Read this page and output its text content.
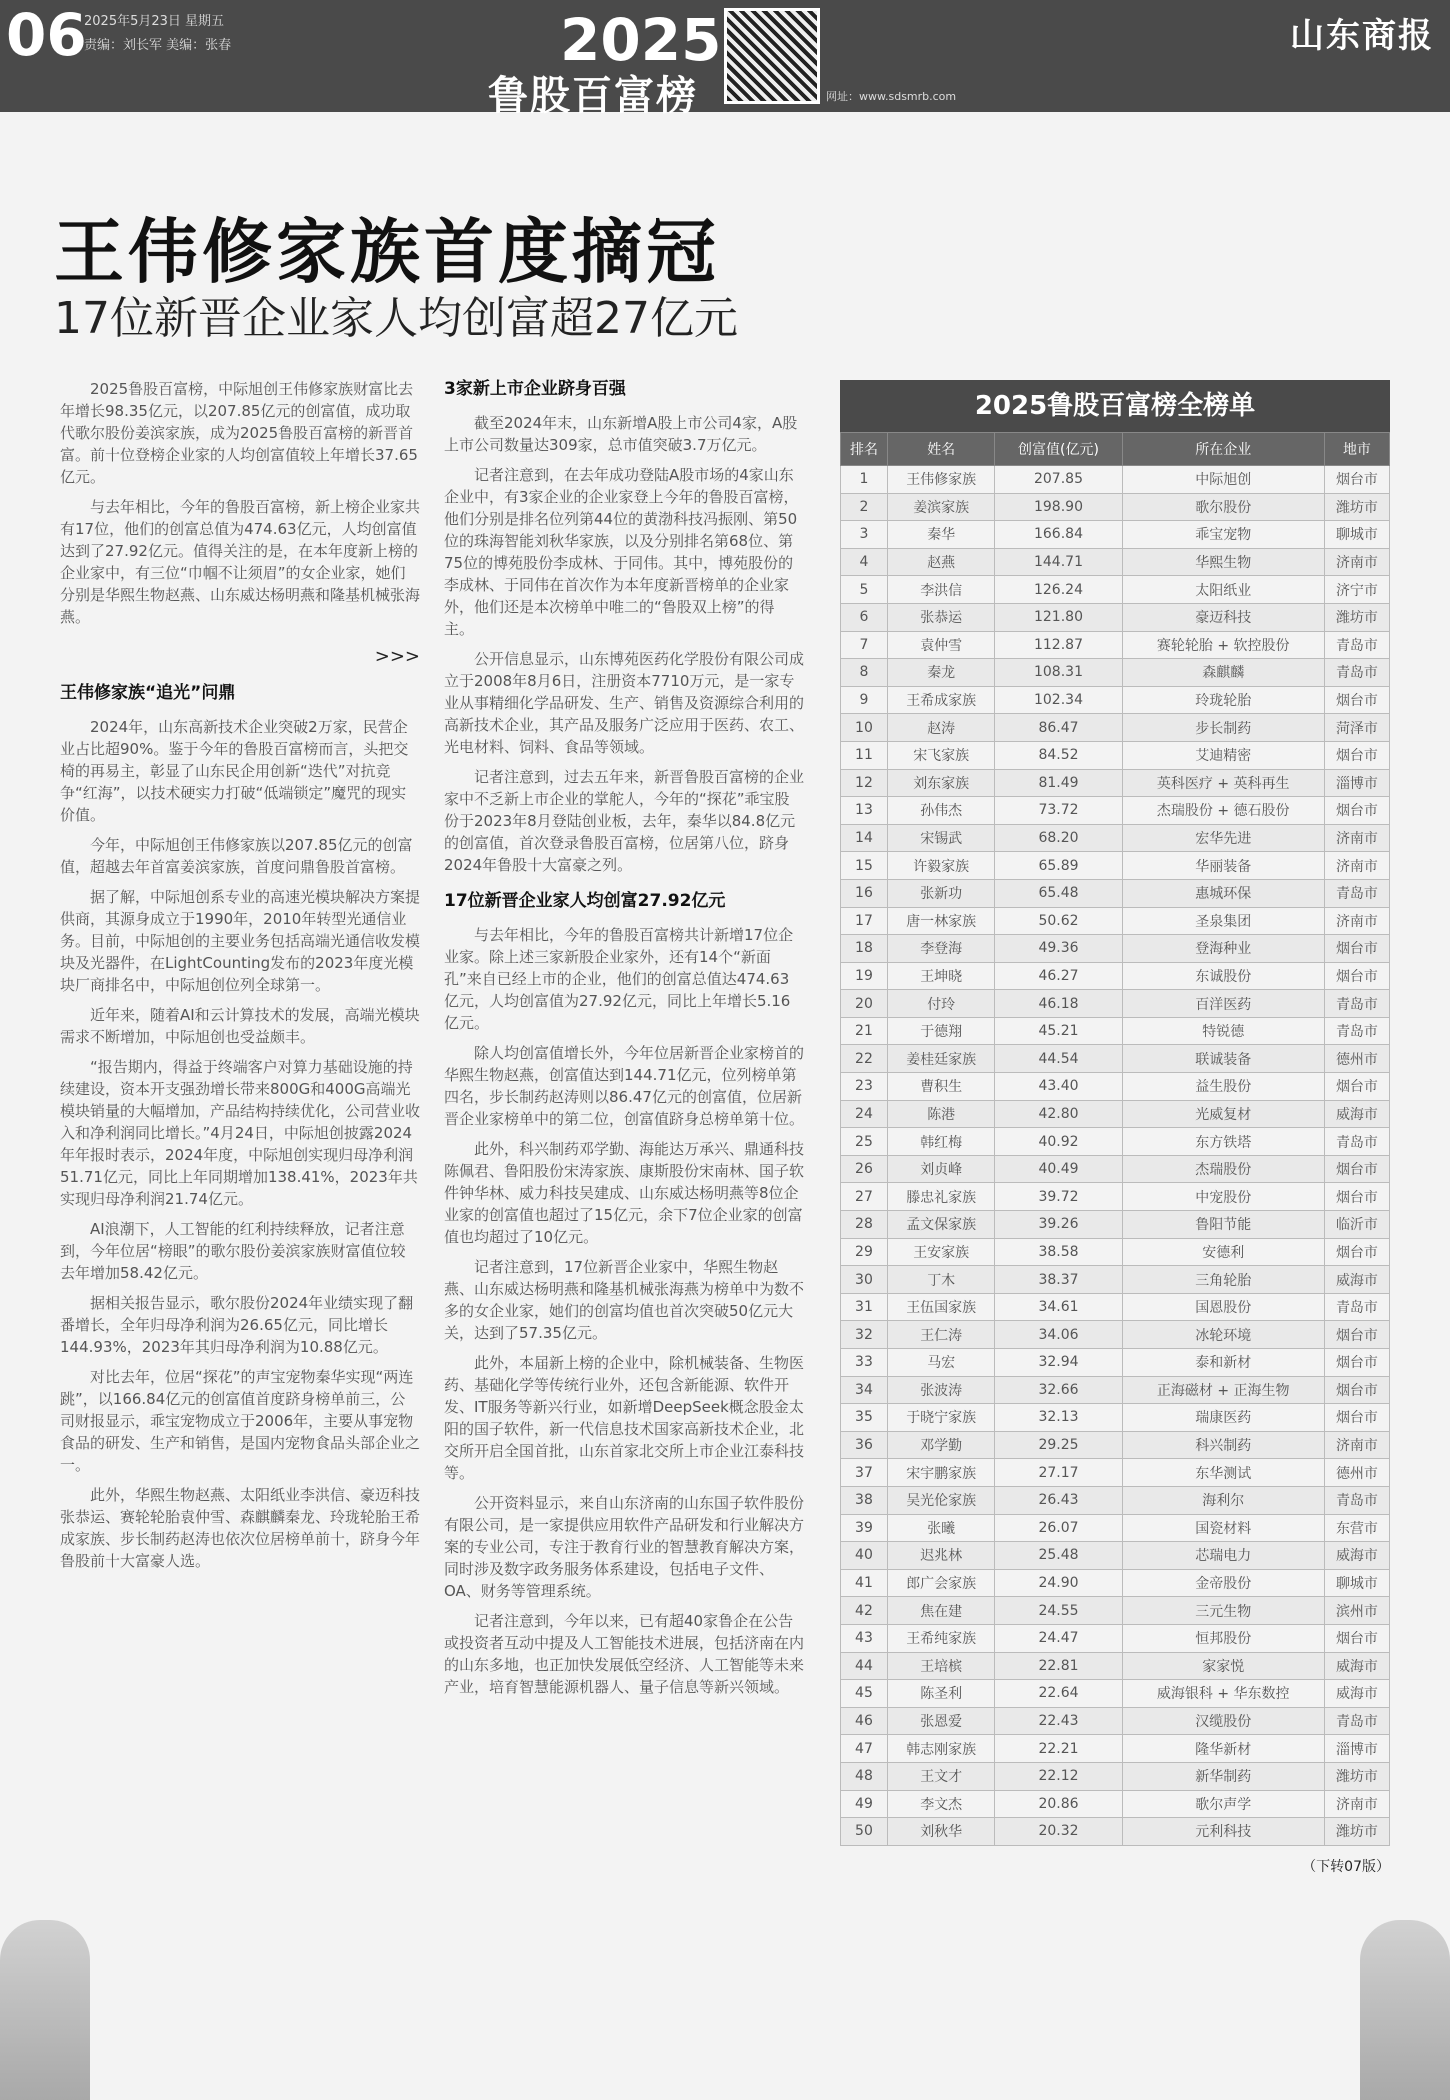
06
2025年5月23日 星期五
责编：刘长军 美编：张春	2025
鲁股百富榜	网址：www.sdsmrb.com
山东商报
王伟修家族首度摘冠
17位新晋企业家人均创富超27亿元

2025鲁股百富榜，中际旭创王伟修家族财富比去年增长98.35亿元，以207.85亿元的创富值，成功取代歌尔股份姜滨家族，成为2025鲁股百富榜的新晋首富。前十位登榜企业家的人均创富值较上年增长37.65亿元。

与去年相比，今年的鲁股百富榜，新上榜企业家共有17位，他们的创富总值为474.63亿元，人均创富值达到了27.92亿元。值得关注的是，在本年度新上榜的企业家中，有三位“巾帼不让须眉”的女企业家，她们分别是华熙生物赵燕、山东威达杨明燕和隆基机械张海燕。

>>>
王伟修家族“追光”问鼎

2024年，山东高新技术企业突破2万家，民营企业占比超90%。鉴于今年的鲁股百富榜而言，头把交椅的再易主，彰显了山东民企用创新“迭代”对抗竞争“红海”，以技术硬实力打破“低端锁定”魔咒的现实价值。

今年，中际旭创王伟修家族以207.85亿元的创富值，超越去年首富姜滨家族，首度问鼎鲁股首富榜。

据了解，中际旭创系专业的高速光模块解决方案提供商，其源身成立于1990年，2010年转型光通信业务。目前，中际旭创的主要业务包括高端光通信收发模块及光器件，在LightCounting发布的2023年度光模块厂商排名中，中际旭创位列全球第一。

近年来，随着AI和云计算技术的发展，高端光模块需求不断增加，中际旭创也受益颇丰。

“报告期内，得益于终端客户对算力基础设施的持续建设，资本开支强劲增长带来800G和400G高端光模块销量的大幅增加，产品结构持续优化，公司营业收入和净利润同比增长。”4月24日，中际旭创披露2024年年报时表示，2024年度，中际旭创实现归母净利润51.71亿元，同比上年同期增加138.41%，2023年共实现归母净利润21.74亿元。

AI浪潮下，人工智能的红利持续释放，记者注意到，今年位居“榜眼”的歌尔股份姜滨家族财富值位较去年增加58.42亿元。

据相关报告显示，歌尔股份2024年业绩实现了翻番增长，全年归母净利润为26.65亿元，同比增长144.93%，2023年其归母净利润为10.88亿元。

对比去年，位居“探花”的声宝宠物秦华实现“两连跳”，以166.84亿元的创富值首度跻身榜单前三，公司财报显示，乖宝宠物成立于2006年，主要从事宠物食品的研发、生产和销售，是国内宠物食品头部企业之一。

此外，华熙生物赵燕、太阳纸业李洪信、豪迈科技张恭运、赛轮轮胎袁仲雪、森麒麟秦龙、玲珑轮胎王希成家族、步长制药赵涛也依次位居榜单前十，跻身今年鲁股前十大富豪人选。

3家新上市企业跻身百强

截至2024年末，山东新增A股上市公司4家，A股上市公司数量达309家，总市值突破3.7万亿元。

记者注意到，在去年成功登陆A股市场的4家山东企业中，有3家企业的企业家登上今年的鲁股百富榜，他们分别是排名位列第44位的黄渤科技冯振刚、第50位的珠海智能刘秋华家族，以及分别排名第68位、第75位的博苑股份李成林、于同伟。其中，博苑股份的李成林、于同伟在首次作为本年度新晋榜单的企业家外，他们还是本次榜单中唯二的“鲁股双上榜”的得主。

公开信息显示，山东博苑医药化学股份有限公司成立于2008年8月6日，注册资本7710万元，是一家专业从事精细化学品研发、生产、销售及资源综合利用的高新技术企业，其产品及服务广泛应用于医药、农工、光电材料、饲料、食品等领域。

记者注意到，过去五年来，新晋鲁股百富榜的企业家中不乏新上市企业的掌舵人，今年的“探花”乖宝股份于2023年8月登陆创业板，去年，秦华以84.8亿元的创富值，首次登录鲁股百富榜，位居第八位，跻身2024年鲁股十大富豪之列。

17位新晋企业家人均创富27.92亿元

与去年相比，今年的鲁股百富榜共计新增17位企业家。除上述三家新股企业家外，还有14个“新面孔”来自已经上市的企业，他们的创富总值达474.63亿元，人均创富值为27.92亿元，同比上年增长5.16亿元。

除人均创富值增长外，今年位居新晋企业家榜首的华熙生物赵燕，创富值达到144.71亿元，位列榜单第四名，步长制药赵涛则以86.47亿元的创富值，位居新晋企业家榜单中的第二位，创富值跻身总榜单第十位。

此外，科兴制药邓学勤、海能达万承兴、鼎通科技陈佩君、鲁阳股份宋涛家族、康斯股份宋南林、国子软件钟华林、威力科技吴建成、山东威达杨明燕等8位企业家的创富值也超过了15亿元，余下7位企业家的创富值也均超过了10亿元。

记者注意到，17位新晋企业家中，华熙生物赵燕、山东威达杨明燕和隆基机械张海燕为榜单中为数不多的女企业家，她们的创富均值也首次突破50亿元大关，达到了57.35亿元。

此外，本届新上榜的企业中，除机械装备、生物医药、基础化学等传统行业外，还包含新能源、软件开发、IT服务等新兴行业，如新增DeepSeek概念股金太阳的国子软件，新一代信息技术国家高新技术企业，北交所开启全国首批，山东首家北交所上市企业江泰科技等。

公开资料显示，来自山东济南的山东国子软件股份有限公司，是一家提供应用软件产品研发和行业解决方案的专业公司，专注于教育行业的智慧教育解决方案，同时涉及数字政务服务体系建设，包括电子文件、OA、财务等管理系统。

记者注意到，今年以来，已有超40家鲁企在公告或投资者互动中提及人工智能技术进展，包括济南在内的山东多地，也正加快发展低空经济、人工智能等未来产业，培育智慧能源机器人、量子信息等新兴领域。

2025鲁股百富榜全榜单
排名	姓名	创富值(亿元)	所在企业	地市
1	王伟修家族	207.85	中际旭创	烟台市
2	姜滨家族	198.90	歌尔股份	潍坊市
3	秦华	166.84	乖宝宠物	聊城市
4	赵燕	144.71	华熙生物	济南市
5	李洪信	126.24	太阳纸业	济宁市
6	张恭运	121.80	豪迈科技	潍坊市
7	袁仲雪	112.87	赛轮轮胎 + 软控股份	青岛市
8	秦龙	108.31	森麒麟	青岛市
9	王希成家族	102.34	玲珑轮胎	烟台市
10	赵涛	86.47	步长制药	菏泽市
11	宋飞家族	84.52	艾迪精密	烟台市
12	刘东家族	81.49	英科医疗 + 英科再生	淄博市
13	孙伟杰	73.72	杰瑞股份 + 德石股份	烟台市
14	宋锡武	68.20	宏华先进	济南市
15	许毅家族	65.89	华丽装备	济南市
16	张新功	65.48	惠城环保	青岛市
17	唐一林家族	50.62	圣泉集团	济南市
18	李登海	49.36	登海种业	烟台市
19	王坤晓	46.27	东诚股份	烟台市
20	付玲	46.18	百洋医药	青岛市
21	于德翔	45.21	特锐德	青岛市
22	姜桂廷家族	44.54	联诚装备	德州市
23	曹积生	43.40	益生股份	烟台市
24	陈港	42.80	光威复材	威海市
25	韩红梅	40.92	东方铁塔	青岛市
26	刘贞峰	40.49	杰瑞股份	烟台市
27	滕忠礼家族	39.72	中宠股份	烟台市
28	孟文保家族	39.26	鲁阳节能	临沂市
29	王安家族	38.58	安德利	烟台市
30	丁木	38.37	三角轮胎	威海市
31	王伍国家族	34.61	国恩股份	青岛市
32	王仁涛	34.06	冰轮环境	烟台市
33	马宏	32.94	泰和新材	烟台市
34	张波涛	32.66	正海磁材 + 正海生物	烟台市
35	于晓宁家族	32.13	瑞康医药	烟台市
36	邓学勤	29.25	科兴制药	济南市
37	宋宇鹏家族	27.17	东华测试	德州市
38	吴光伦家族	26.43	海利尔	青岛市
39	张曦	26.07	国瓷材料	东营市
40	迟兆林	25.48	芯瑞电力	威海市
41	郎广会家族	24.90	金帝股份	聊城市
42	焦在建	24.55	三元生物	滨州市
43	王希纯家族	24.47	恒邦股份	烟台市
44	王培槟	22.81	家家悦	威海市
45	陈圣利	22.64	威海银科 + 华东数控	威海市
46	张恩爱	22.43	汉缆股份	青岛市
47	韩志刚家族	22.21	隆华新材	淄博市
48	王文才	22.12	新华制药	潍坊市
49	李文杰	20.86	歌尔声学	济南市
50	刘秋华	20.32	元利科技	潍坊市
（下转07版）
